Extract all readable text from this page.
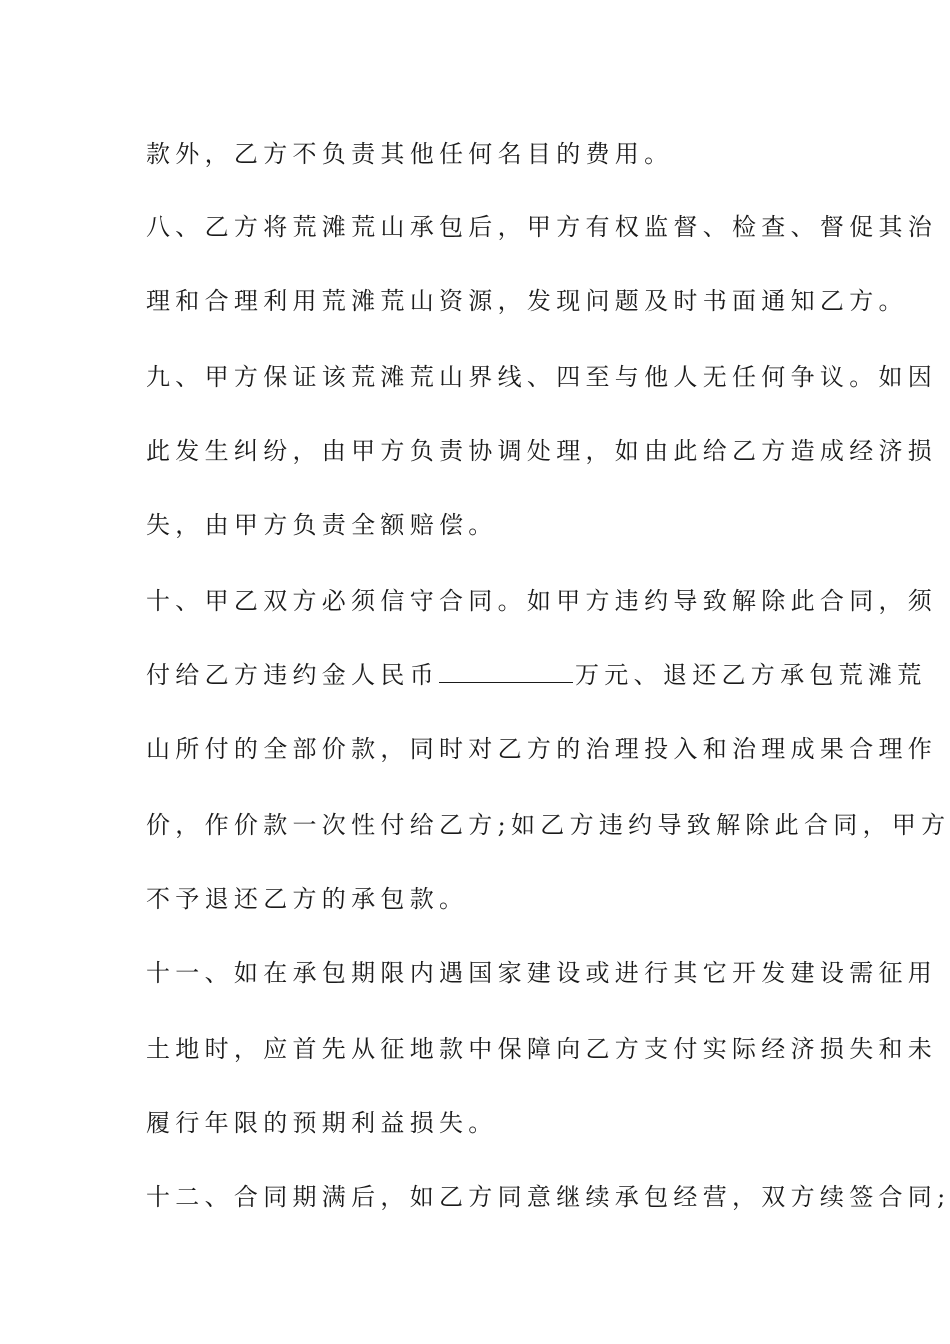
款外，乙方不负责其他任何名目的费用。
八、乙方将荒滩荒山承包后，甲方有权监督、检查、督促其治
理和合理利用荒滩荒山资源，发现问题及时书面通知乙方。
九、甲方保证该荒滩荒山界线、四至与他人无任何争议。如因
此发生纠纷，由甲方负责协调处理，如由此给乙方造成经济损
失，由甲方负责全额赔偿。
十、甲乙双方必须信守合同。如甲方违约导致解除此合同，须
付给乙方违约金人民币	万元、退还乙方承包荒滩荒
山所付的全部价款，同时对乙方的治理投入和治理成果合理作
价，作价款一次性付给乙方;如乙方违约导致解除此合同，甲方
不予退还乙方的承包款。
十一、如在承包期限内遇国家建设或进行其它开发建设需征用
土地时，应首先从征地款中保障向乙方支付实际经济损失和未
履行年限的预期利益损失。
十二、合同期满后，如乙方同意继续承包经营，双方续签合同;
